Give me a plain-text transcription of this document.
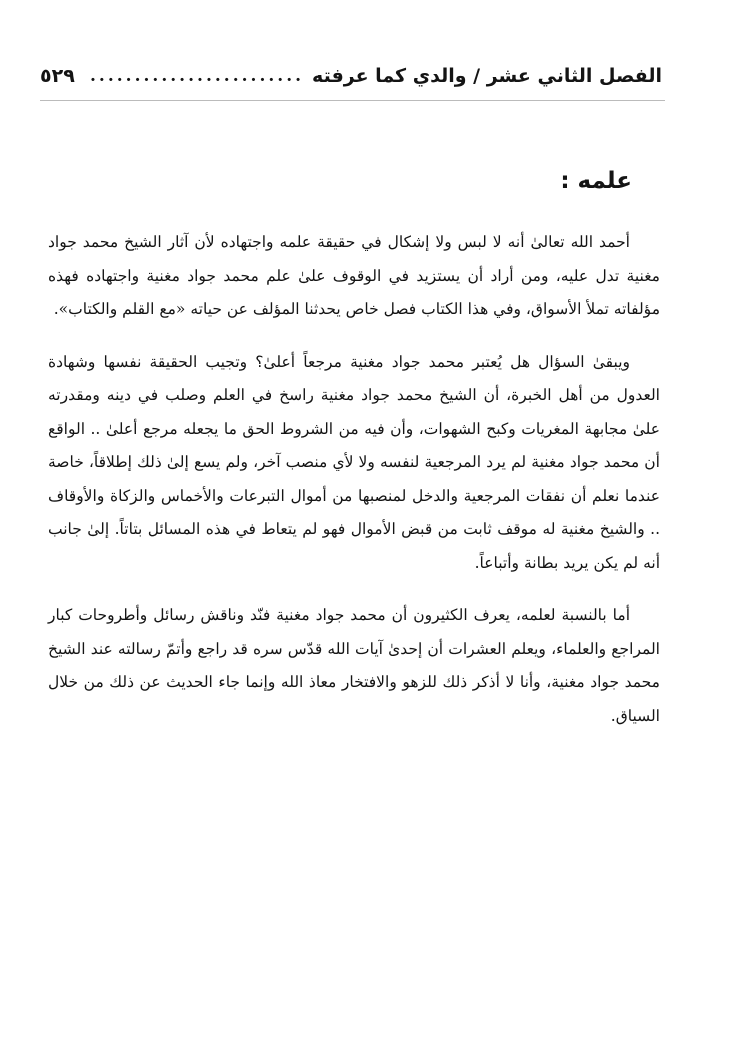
الفصل الثاني عشر / والدي كما عرفته
........................
٥٢٩
علمه :

أحمد الله تعالىٰ أنه لا لبس ولا إشكال في حقيقة علمه واجتهاده لأن آثار الشيخ محمد جواد مغنية تدل عليه، ومن أراد أن يستزيد في الوقوف علىٰ علم محمد جواد مغنية واجتهاده فهذه مؤلفاته تملأ الأسواق، وفي هذا الكتاب فصل خاص يحدثنا المؤلف عن حياته «مع القلم والكتاب».

ويبقىٰ السؤال هل يُعتبر محمد جواد مغنية مرجعاً أعلىٰ؟ وتجيب الحقيقة نفسها وشهادة العدول من أهل الخبرة، أن الشيخ محمد جواد مغنية راسخ في العلم وصلب في دينه ومقدرته علىٰ مجابهة المغريات وكبح الشهوات، وأن فيه من الشروط الحق ما يجعله مرجع أعلىٰ .. الواقع أن محمد جواد مغنية لم يرد المرجعية لنفسه ولا لأي منصب آخر، ولم يسع إلىٰ ذلك إطلاقاً، خاصة عندما نعلم أن نفقات المرجعية والدخل لمنصبها من أموال التبرعات والأخماس والزكاة والأوقاف .. والشيخ مغنية له موقف ثابت من قبض الأموال فهو لم يتعاط في هذه المسائل بتاتاً. إلىٰ جانب أنه لم يكن يريد بطانة وأتباعاً.

أما بالنسبة لعلمه، يعرف الكثيرون أن محمد جواد مغنية فنّد وناقش رسائل وأطروحات كبار المراجع والعلماء، ويعلم العشرات أن إحدىٰ آيات الله قدّس سره قد راجع وأتمّ رسالته عند الشيخ محمد جواد مغنية، وأنا لا أذكر ذلك للزهو والافتخار معاذ الله وإنما جاء الحديث عن ذلك من خلال السياق.
